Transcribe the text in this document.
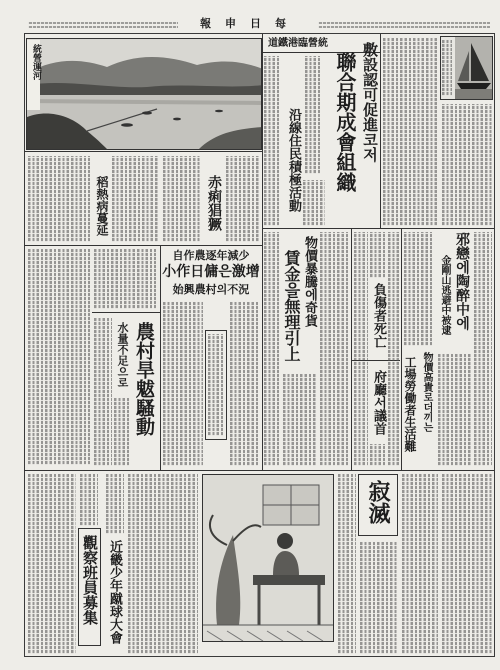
每日申報
統營運河
統營臨港鐵道 敷設認可促進코저
聯合期成會組織
沿線住民積極活動
稻熱病蔓延	赤痢猖獗
自作農逐年減少
小作日傭은激增
始興農村의不況
農村旱魃騷動
水量不足으로	賃金을無理引上 物價暴騰에奇貨	負傷者死亡
府廳서議首 工場勞働者生活難 物價高貴로더끼는
邪戀에陶醉中에
金剛山逃避中被逮
觀察班員募集 近畿少年蹴球大會
寂滅
